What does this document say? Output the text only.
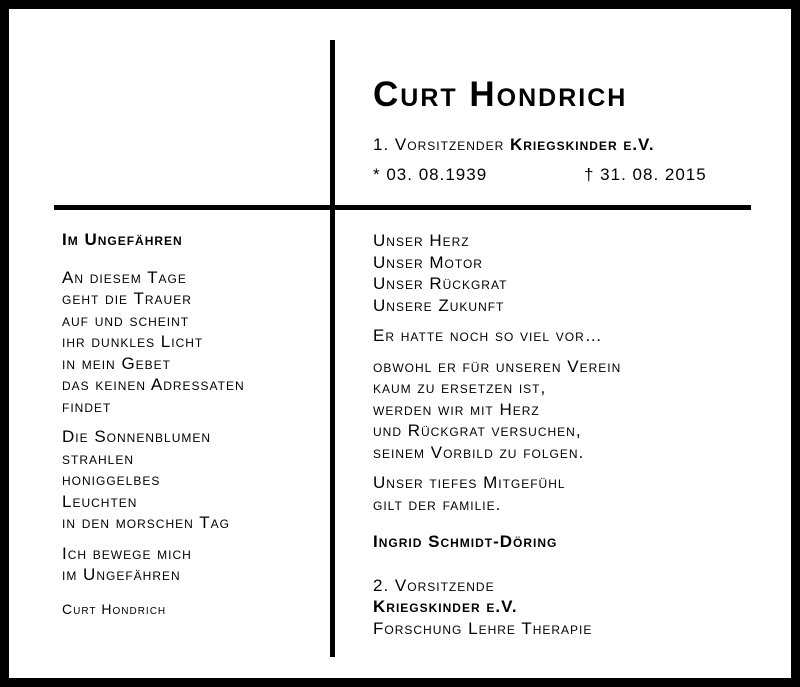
Curt Hondrich
1. Vorsitzender Kriegskinder e.V.
* 03. 08.1939	† 31. 08. 2015
Im Ungefähren
An diesem Tage
geht die Trauer
auf und scheint
ihr dunkles Licht
in mein Gebet
das keinen Adressaten
findet
Die Sonnenblumen
strahlen
honiggelbes
Leuchten
in den morschen Tag
Ich bewege mich
im Ungefähren
Curt Hondrich
Unser Herz
Unser Motor
Unser Rückgrat
Unsere Zukunft
Er hatte noch so viel vor…
obwohl er für unseren Verein
kaum zu ersetzen ist,
werden wir mit Herz
und Rückgrat versuchen,
seinem Vorbild zu folgen.
Unser tiefes Mitgefühl
gilt der familie.
Ingrid Schmidt-Döring
2. Vorsitzende
Kriegskinder e.V.
Forschung Lehre Therapie
